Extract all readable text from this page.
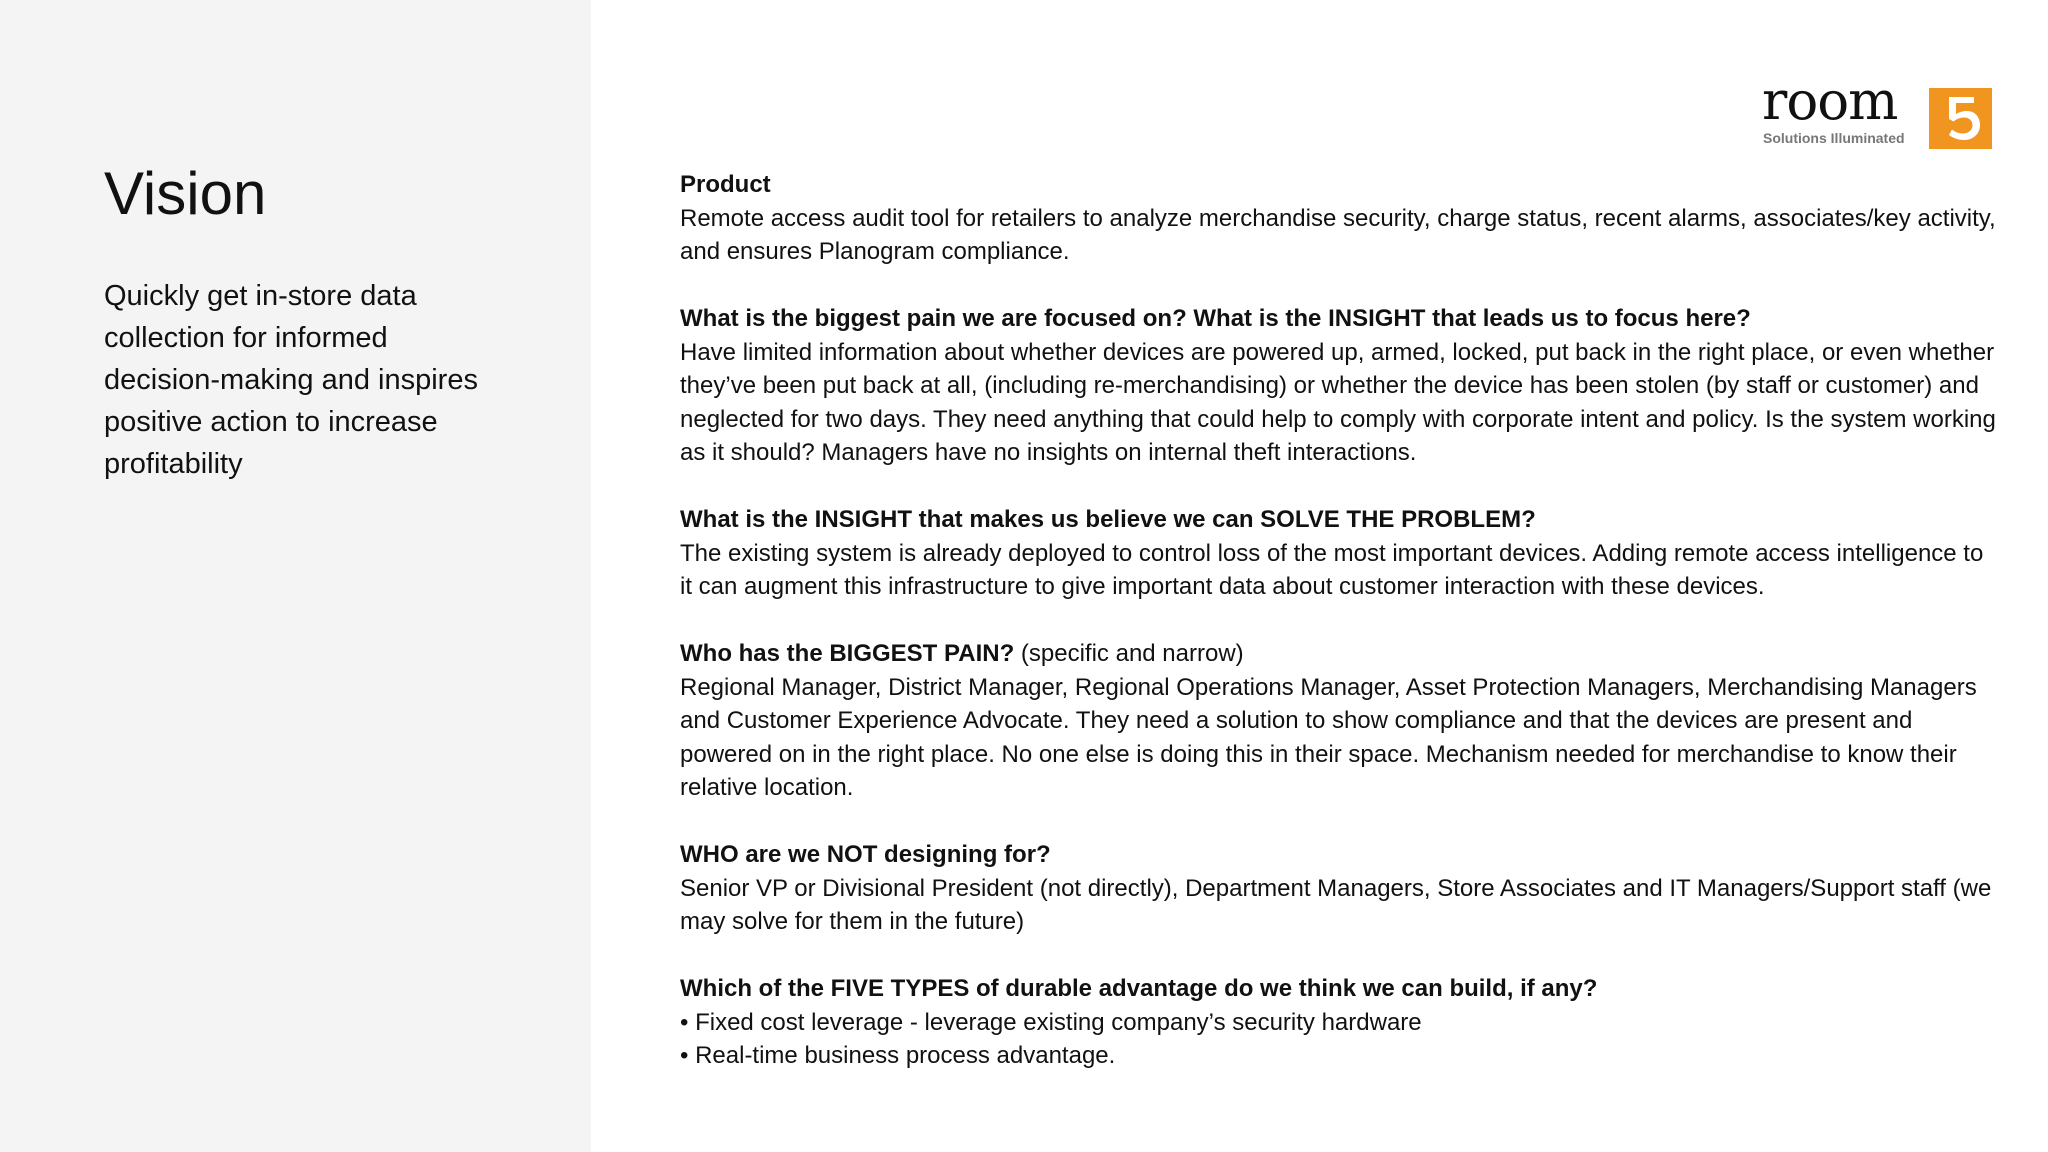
Vision

Quickly get in-store data collection for informed decision-making and inspires positive action to increase profitability

room
Solutions Illuminated

Product

Remote access audit tool for retailers to analyze merchandise security, charge status, recent alarms, associates/key activity, and ensures Planogram compliance.

What is the biggest pain we are focused on? What is the INSIGHT that leads us to focus here?

Have limited information about whether devices are powered up, armed, locked, put back in the right place, or even whether they’ve been put back at all, (including re-merchandising) or whether the device has been stolen (by staff or customer) and neglected for two days. They need anything that could help to comply with corporate intent and policy. Is the system working as it should? Managers have no insights on internal theft interactions.

What is the INSIGHT that makes us believe we can SOLVE THE PROBLEM?

The existing system is already deployed to control loss of the most important devices. Adding remote access intelligence to it can augment this infrastructure to give important data about customer interaction with these devices.

Who has the BIGGEST PAIN? (specific and narrow)

Regional Manager, District Manager, Regional Operations Manager, Asset Protection Managers, Merchandising Managers and Customer Experience Advocate. They need a solution to show compliance and that the devices are present and powered on in the right place. No one else is doing this in their space. Mechanism needed for merchandise to know their relative location.

WHO are we NOT designing for?

Senior VP or Divisional President (not directly), Department Managers, Store Associates and IT Managers/Support staff (we may solve for them in the future)

Which of the FIVE TYPES of durable advantage do we think we can build, if any?

• Fixed cost leverage - leverage existing company’s security hardware
• Real-time business process advantage.
